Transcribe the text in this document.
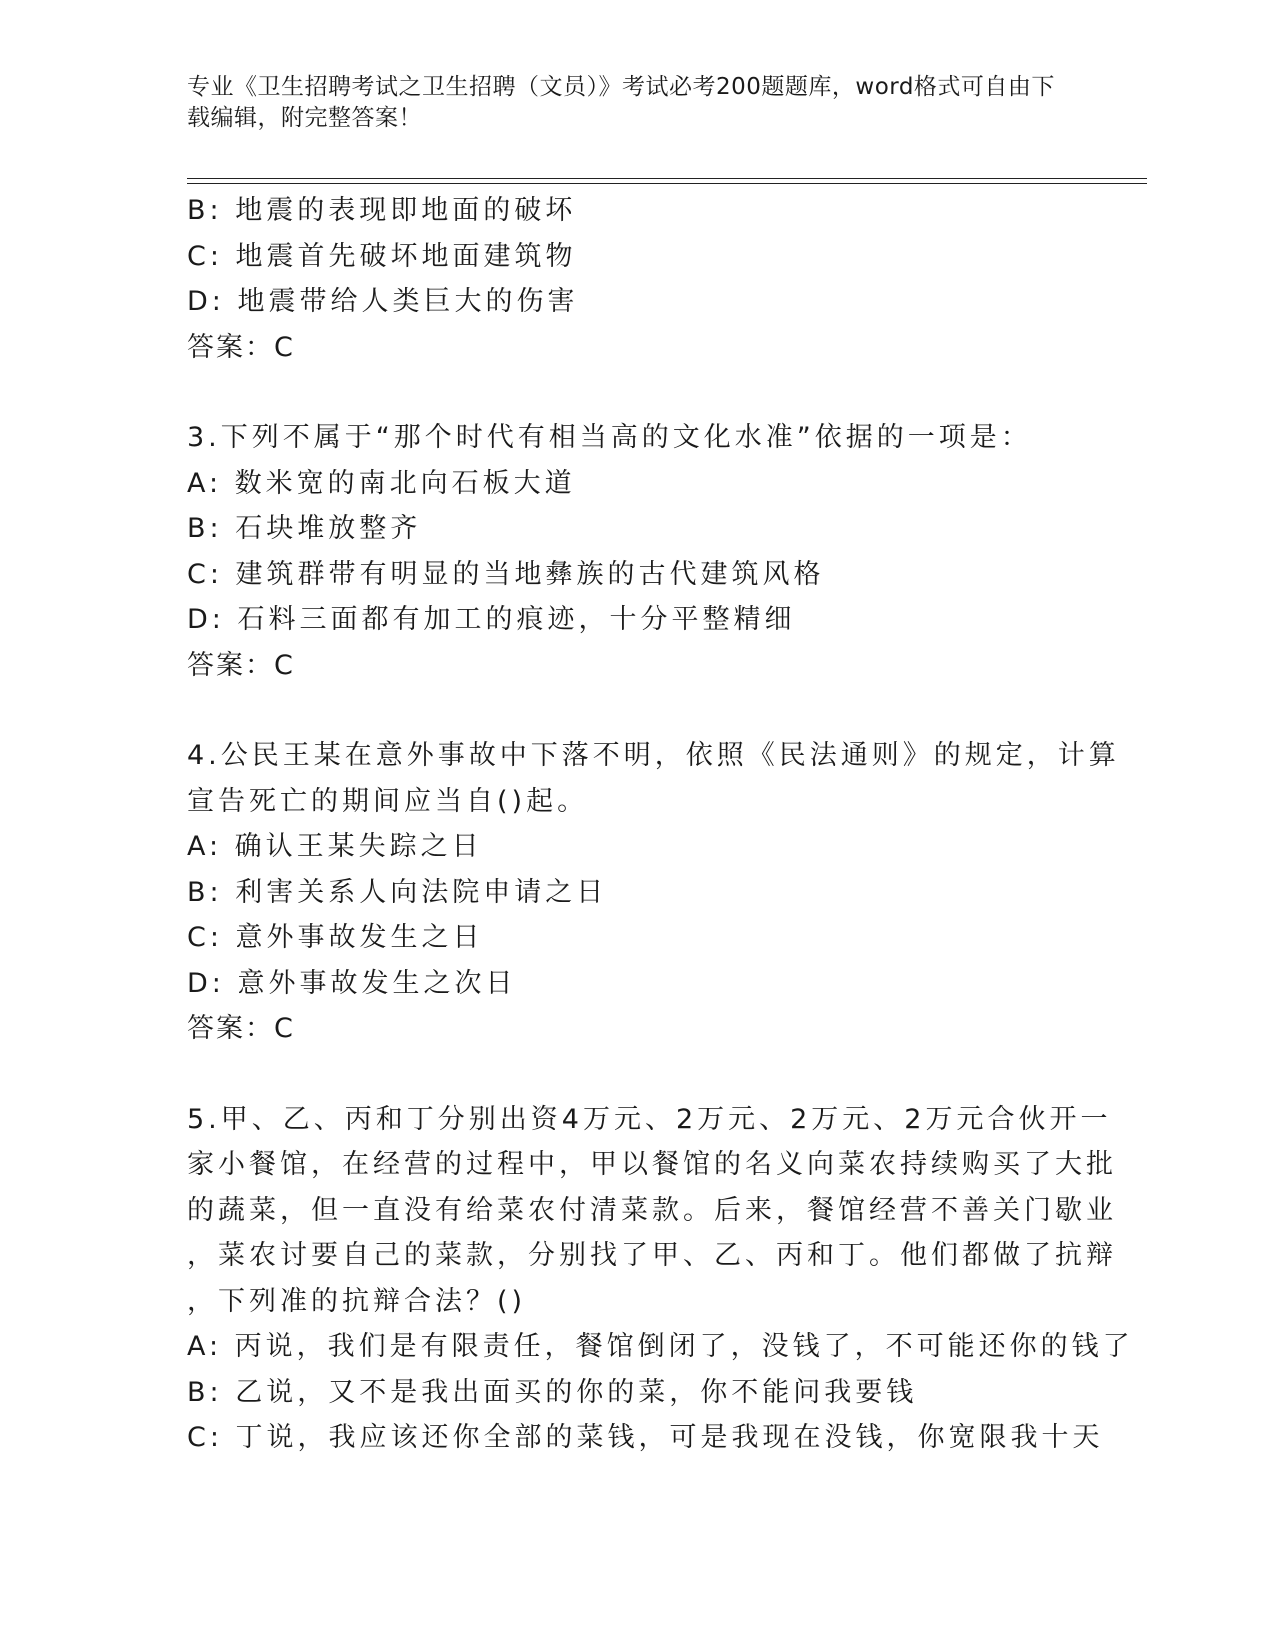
专业《卫生招聘考试之卫生招聘（文员）》考试必考200题题库，word格式可自由下载编辑，附完整答案！
B: 地震的表现即地面的破坏
C: 地震首先破坏地面建筑物
D: 地震带给人类巨大的伤害
答案：C
3.下列不属于“那个时代有相当高的文化水准”依据的一项是：
A: 数米宽的南北向石板大道
B: 石块堆放整齐
C: 建筑群带有明显的当地彝族的古代建筑风格
D: 石料三面都有加工的痕迹，十分平整精细
答案：C
4.公民王某在意外事故中下落不明，依照《民法通则》的规定，计算
宣告死亡的期间应当自()起。
A: 确认王某失踪之日
B: 利害关系人向法院申请之日
C: 意外事故发生之日
D: 意外事故发生之次日
答案：C
5.甲、乙、丙和丁分别出资4万元、2万元、2万元、2万元合伙开一
家小餐馆，在经营的过程中，甲以餐馆的名义向菜农持续购买了大批
的蔬菜，但一直没有给菜农付清菜款。后来，餐馆经营不善关门歇业
，菜农讨要自己的菜款，分别找了甲、乙、丙和丁。他们都做了抗辩
，下列准的抗辩合法？()
A: 丙说，我们是有限责任，餐馆倒闭了，没钱了，不可能还你的钱了
B: 乙说，又不是我出面买的你的菜，你不能问我要钱
C: 丁说，我应该还你全部的菜钱，可是我现在没钱，你宽限我十天
